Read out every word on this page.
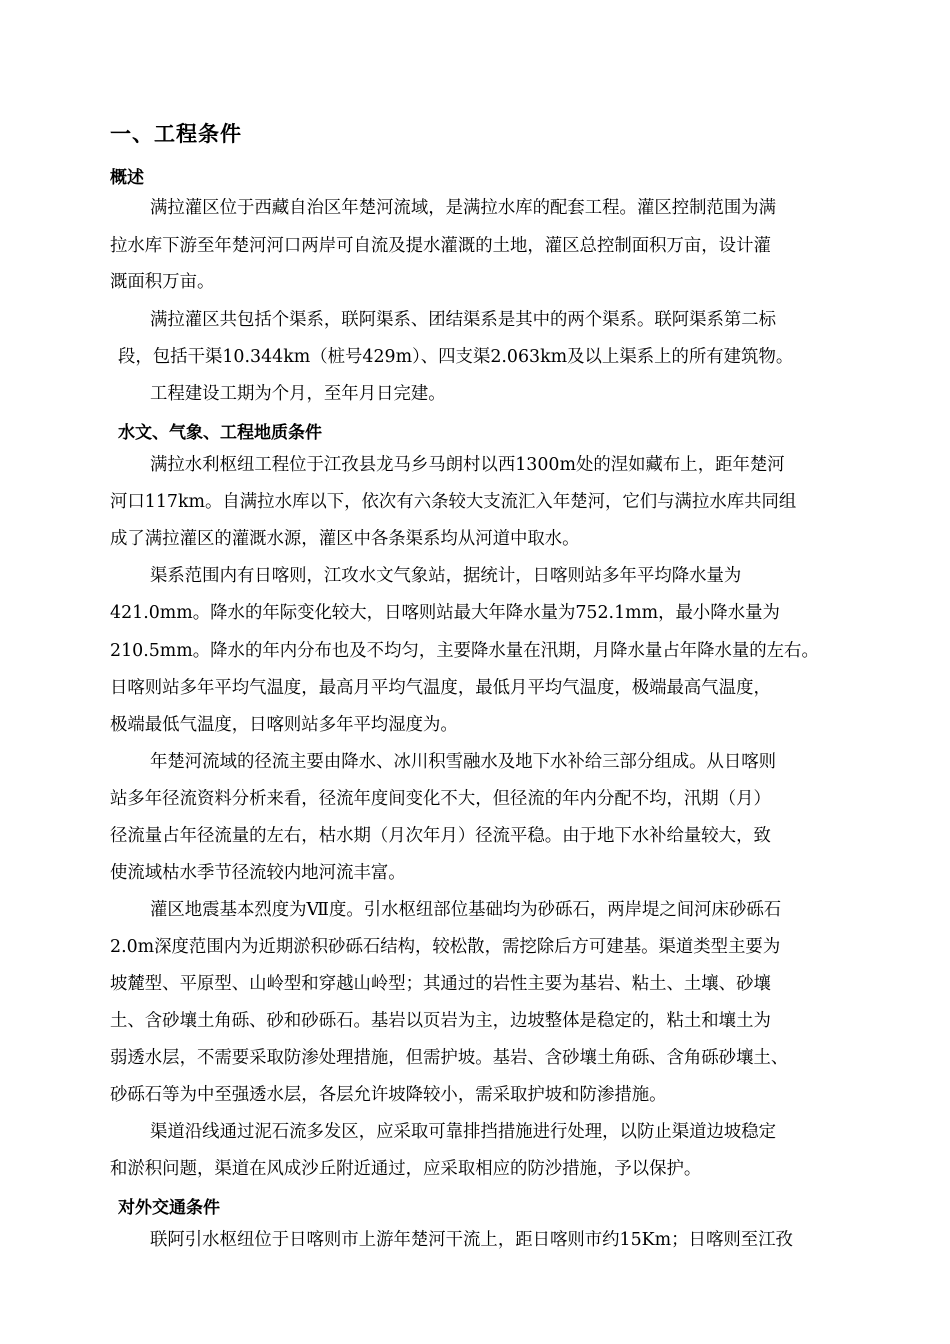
一、工程条件
概述
满拉灌区位于西藏自治区年楚河流域，是满拉水库的配套工程。灌区控制范围为满
拉水库下游至年楚河河口两岸可自流及提水灌溉的土地，灌区总控制面积万亩，设计灌
溉面积万亩。
满拉灌区共包括个渠系，联阿渠系、团结渠系是其中的两个渠系。联阿渠系第二标
段，包括干渠10.344km（桩号429m）、四支渠2.063km及以上渠系上的所有建筑物。
工程建设工期为个月，至年月日完建。
水文、气象、工程地质条件
满拉水利枢纽工程位于江孜县龙马乡马朗村以西1300m处的涅如藏布上，距年楚河
河口117km。自满拉水库以下，依次有六条较大支流汇入年楚河，它们与满拉水库共同组
成了满拉灌区的灌溉水源，灌区中各条渠系均从河道中取水。
渠系范围内有日喀则，江攻水文气象站，据统计，日喀则站多年平均降水量为
421.0mm。降水的年际变化较大，日喀则站最大年降水量为752.1mm，最小降水量为
210.5mm。降水的年内分布也及不均匀，主要降水量在汛期，月降水量占年降水量的左右。
日喀则站多年平均气温度，最高月平均气温度，最低月平均气温度，极端最高气温度，
极端最低气温度，日喀则站多年平均湿度为。
年楚河流域的径流主要由降水、冰川积雪融水及地下水补给三部分组成。从日喀则
站多年径流资料分析来看，径流年度间变化不大，但径流的年内分配不均，汛期（月）
径流量占年径流量的左右，枯水期（月次年月）径流平稳。由于地下水补给量较大，致
使流域枯水季节径流较内地河流丰富。
灌区地震基本烈度为Ⅶ度。引水枢纽部位基础均为砂砾石，两岸堤之间河床砂砾石
2.0m深度范围内为近期淤积砂砾石结构，较松散，需挖除后方可建基。渠道类型主要为
坡麓型、平原型、山岭型和穿越山岭型；其通过的岩性主要为基岩、粘土、土壤、砂壤
土、含砂壤土角砾、砂和砂砾石。基岩以页岩为主，边坡整体是稳定的，粘土和壤土为
弱透水层，不需要采取防渗处理措施，但需护坡。基岩、含砂壤土角砾、含角砾砂壤土、
砂砾石等为中至强透水层，各层允许坡降较小，需采取护坡和防渗措施。
渠道沿线通过泥石流多发区，应采取可靠排挡措施进行处理，以防止渠道边坡稳定
和淤积问题，渠道在风成沙丘附近通过，应采取相应的防沙措施，予以保护。
对外交通条件
联阿引水枢纽位于日喀则市上游年楚河干流上，距日喀则市约15Km；日喀则至江孜
